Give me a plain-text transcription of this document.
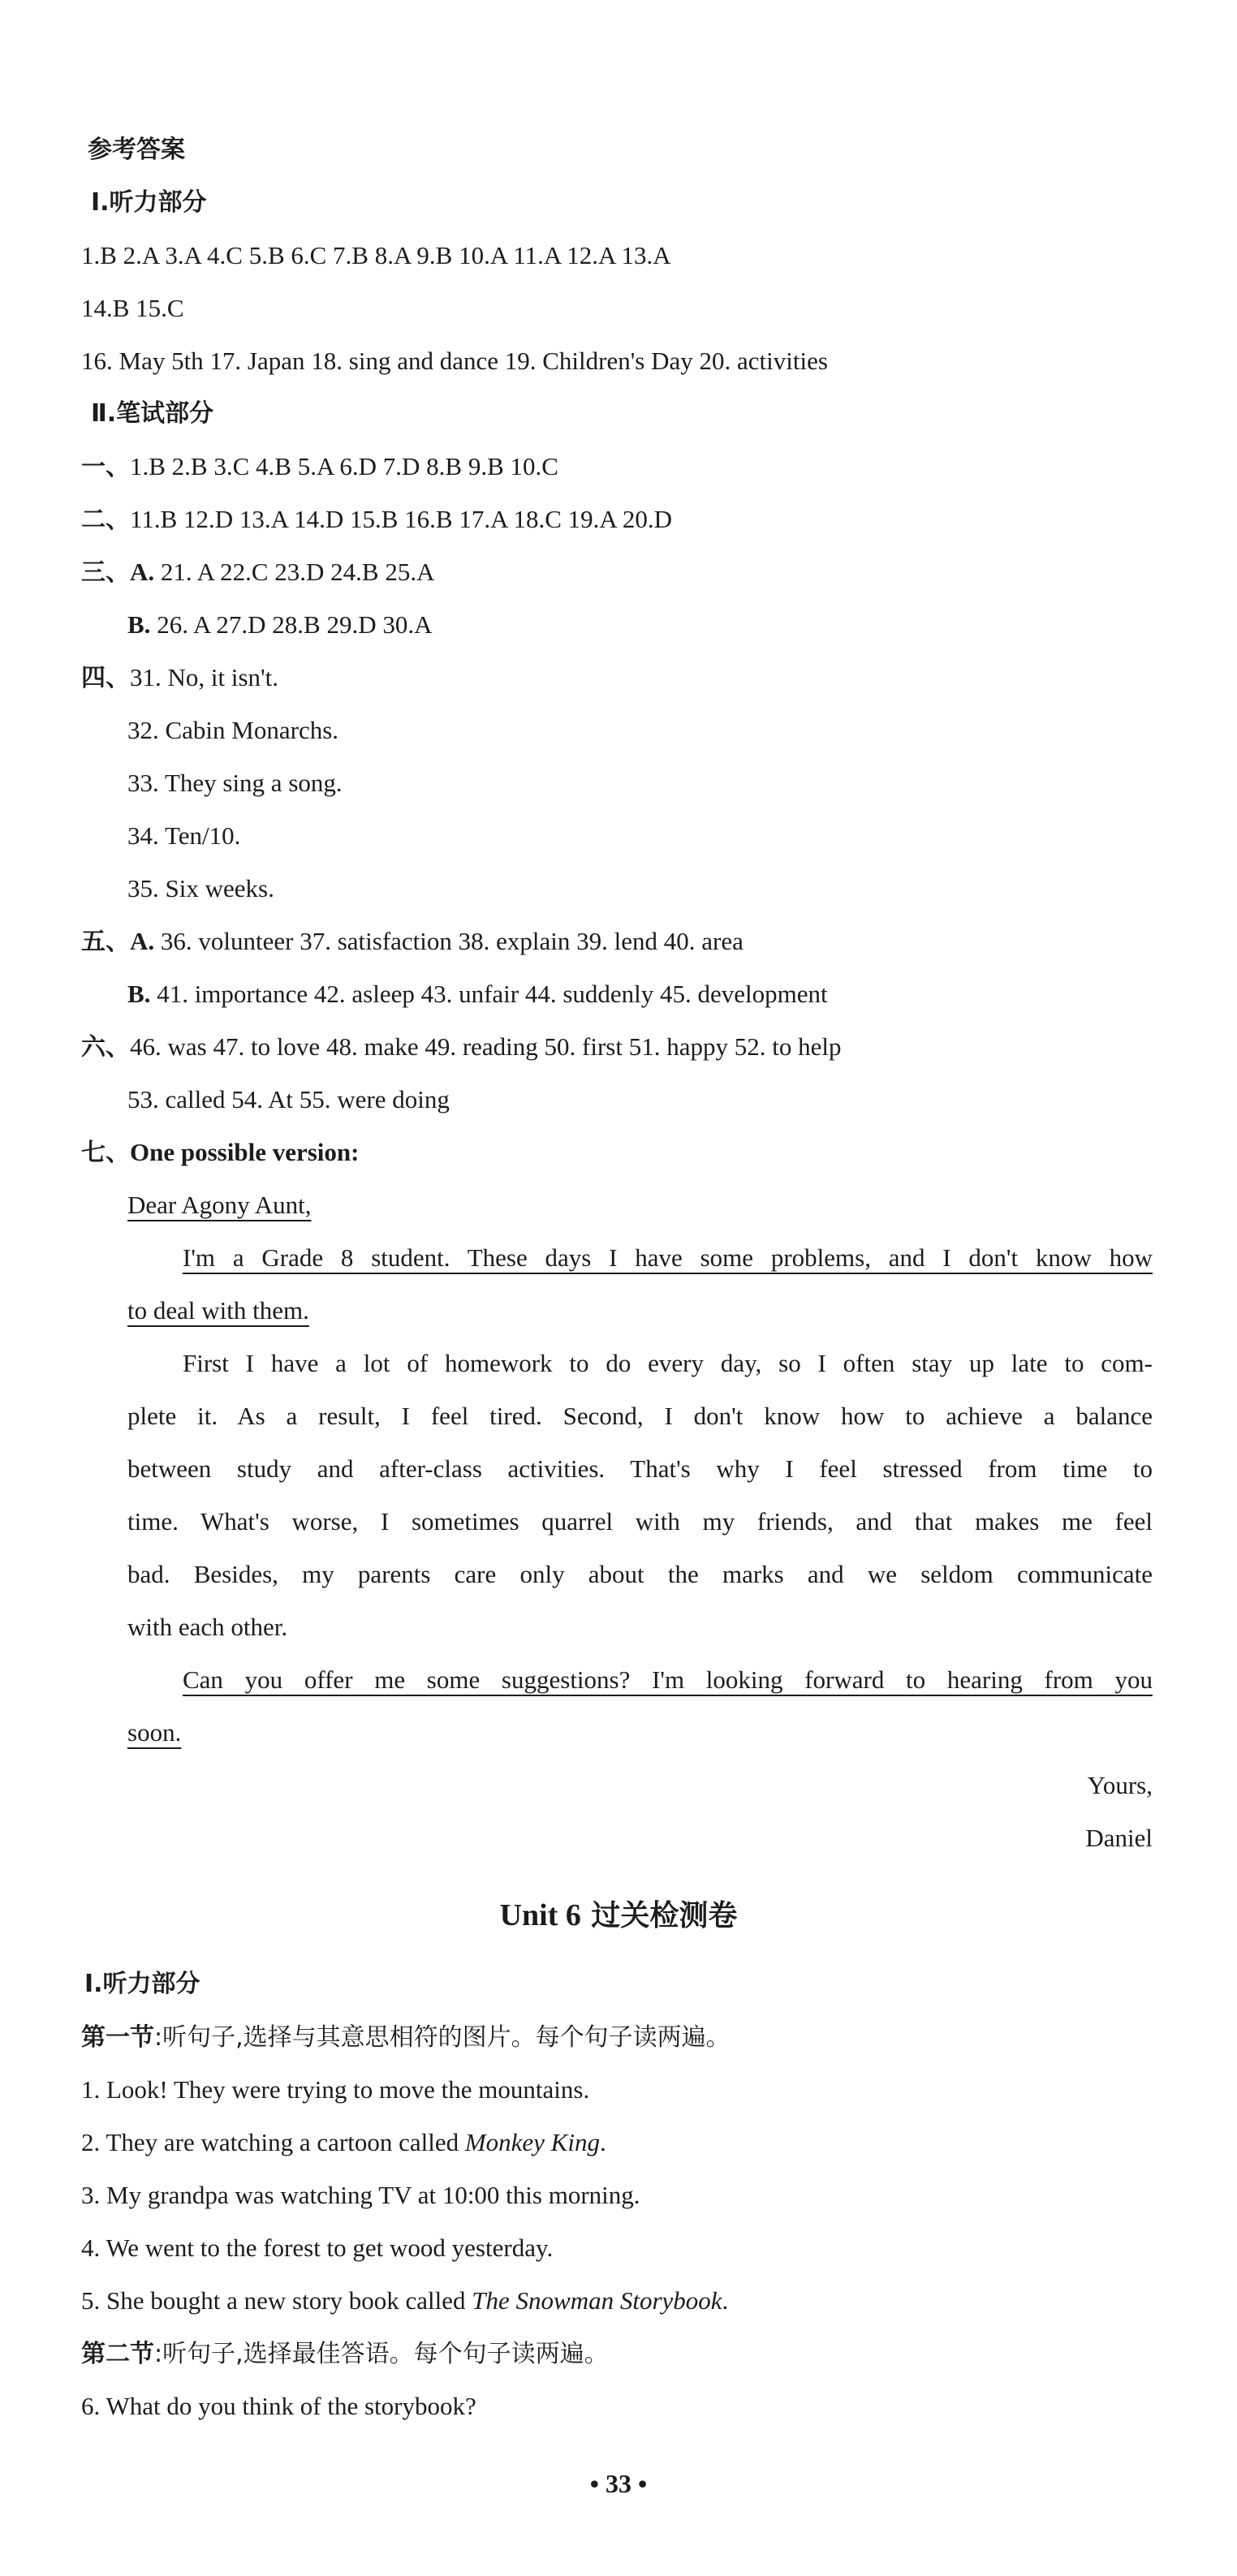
参考答案
Ⅰ.听力部分
1.B 2.A 3.A 4.C 5.B 6.C 7.B 8.A 9.B 10.A 11.A 12.A 13.A
14.B 15.C
16. May 5th 17. Japan 18. sing and dance 19. Children's Day 20. activities
Ⅱ.笔试部分
一、1.B 2.B 3.C 4.B 5.A 6.D 7.D 8.B 9.B 10.C
二、11.B 12.D 13.A 14.D 15.B 16.B 17.A 18.C 19.A 20.D
三、A. 21. A 22.C 23.D 24.B 25.A
B. 26. A 27.D 28.B 29.D 30.A
四、31. No, it isn't.
32. Cabin Monarchs.
33. They sing a song.
34. Ten/10.
35. Six weeks.
五、A. 36. volunteer 37. satisfaction 38. explain 39. lend 40. area
B. 41. importance 42. asleep 43. unfair 44. suddenly 45. development
六、46. was 47. to love 48. make 49. reading 50. first 51. happy 52. to help
53. called 54. At 55. were doing
七、One possible version:
Dear Agony Aunt,
I'm a Grade 8 student. These days I have some problems, and I don't know how
to deal with them.
First I have a lot of homework to do every day, so I often stay up late to com-
plete it. As a result, I feel tired. Second, I don't know how to achieve a balance
between study and after-class activities. That's why I feel stressed from time to
time. What's worse, I sometimes quarrel with my friends, and that makes me feel
bad. Besides, my parents care only about the marks and we seldom communicate
with each other.
Can you offer me some suggestions? I'm looking forward to hearing from you
soon.
Yours,
Daniel
Unit 6 过关检测卷
Ⅰ.听力部分
第一节:听句子,选择与其意思相符的图片。每个句子读两遍。
1. Look! They were trying to move the mountains.
2. They are watching a cartoon called Monkey King.
3. My grandpa was watching TV at 10:00 this morning.
4. We went to the forest to get wood yesterday.
5. She bought a new story book called The Snowman Storybook.
第二节:听句子,选择最佳答语。每个句子读两遍。
6. What do you think of the storybook?
• 33 •
